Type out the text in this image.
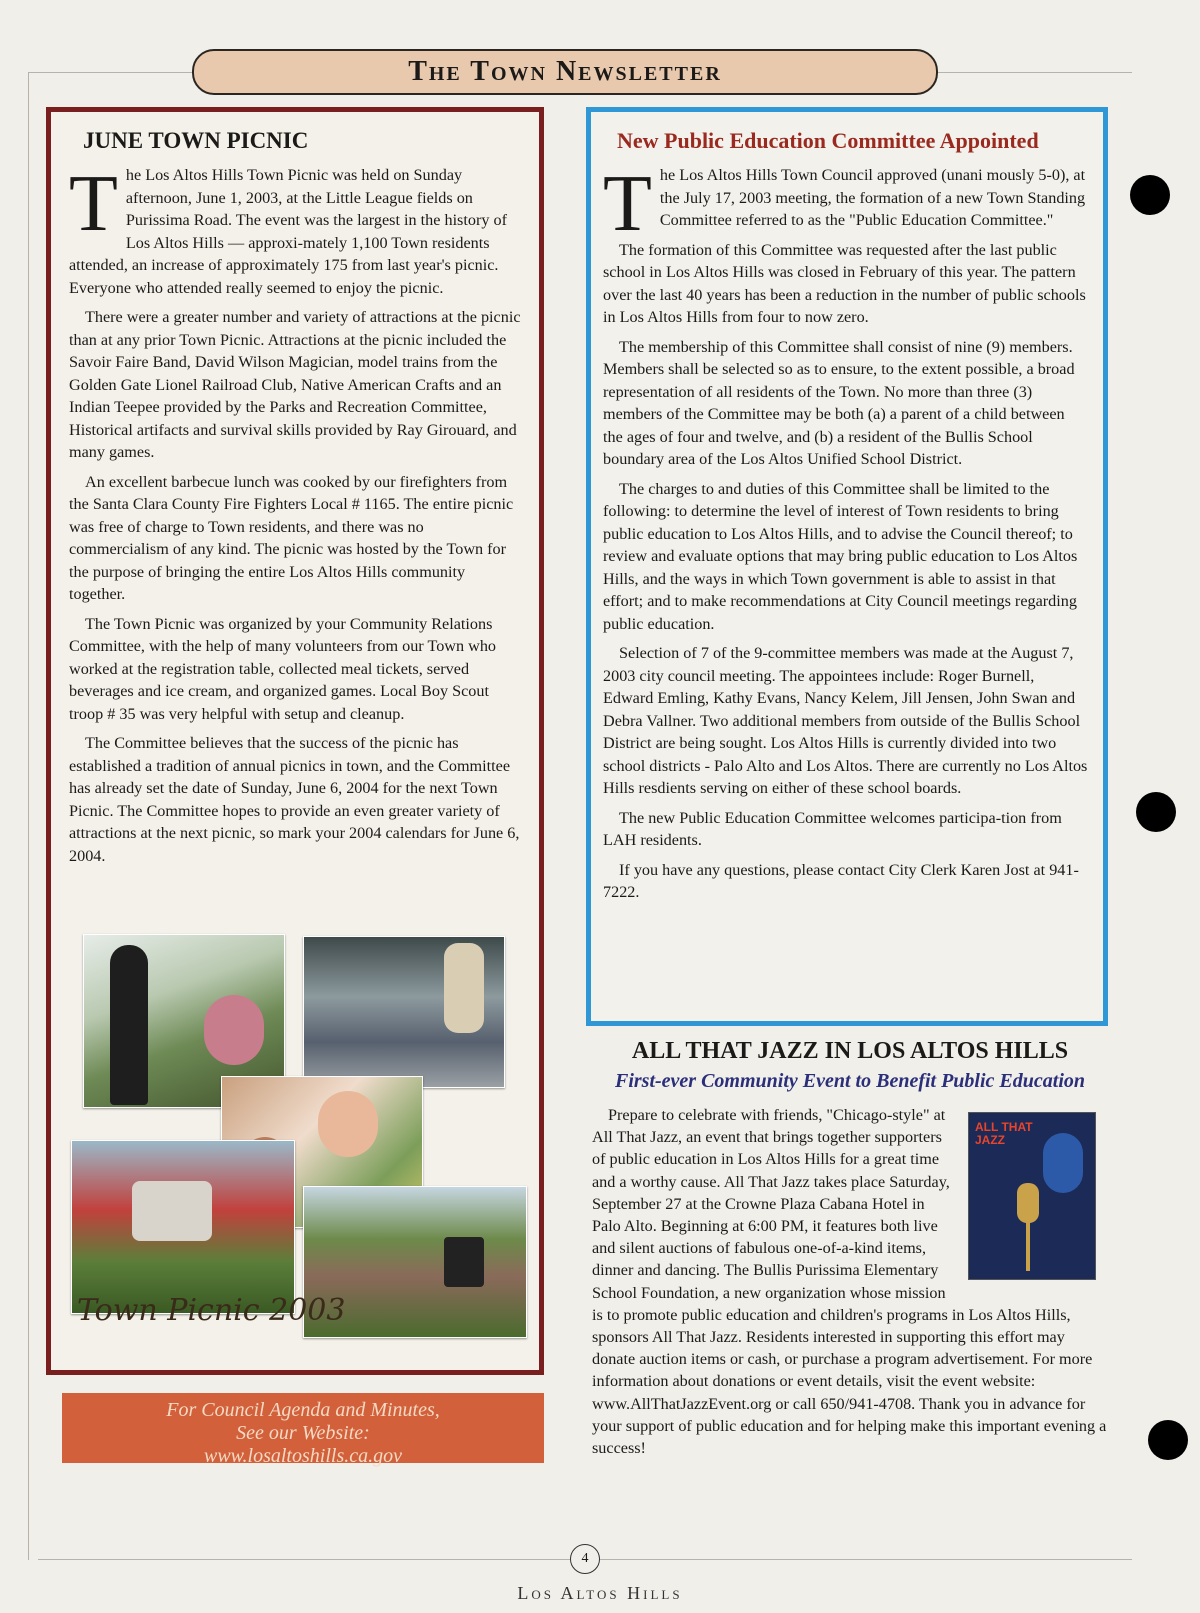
The Town Newsletter
JUNE TOWN PICNIC

The Los Altos Hills Town Picnic was held on Sunday afternoon, June 1, 2003, at the Little League fields on Purissima Road. The event was the largest in the history of Los Altos Hills — approxi-mately 1,100 Town residents attended, an increase of approximately 175 from last year's picnic. Everyone who attended really seemed to enjoy the picnic.

There were a greater number and variety of attractions at the picnic than at any prior Town Picnic. Attractions at the picnic included the Savoir Faire Band, David Wilson Magician, model trains from the Golden Gate Lionel Railroad Club, Native American Crafts and an Indian Teepee provided by the Parks and Recreation Committee, Historical artifacts and survival skills provided by Ray Girouard, and many games.

An excellent barbecue lunch was cooked by our firefighters from the Santa Clara County Fire Fighters Local # 1165. The entire picnic was free of charge to Town residents, and there was no commercialism of any kind. The picnic was hosted by the Town for the purpose of bringing the entire Los Altos Hills community together.

The Town Picnic was organized by your Community Relations Committee, with the help of many volunteers from our Town who worked at the registration table, collected meal tickets, served beverages and ice cream, and organized games. Local Boy Scout troop # 35 was very helpful with setup and cleanup.

The Committee believes that the success of the picnic has established a tradition of annual picnics in town, and the Committee has already set the date of Sunday, June 6, 2004 for the next Town Picnic. The Committee hopes to provide an even greater variety of attractions at the next picnic, so mark your 2004 calendars for June 6, 2004.

Town Picnic 2003
For Council Agenda and Minutes,
See our Website:
www.losaltoshills.ca.gov
New Public Education Committee Appointed

The Los Altos Hills Town Council approved (unani mously 5-0), at the July 17, 2003 meeting, the formation of a new Town Standing Committee referred to as the "Public Education Committee."

The formation of this Committee was requested after the last public school in Los Altos Hills was closed in February of this year. The pattern over the last 40 years has been a reduction in the number of public schools in Los Altos Hills from four to now zero.

The membership of this Committee shall consist of nine (9) members. Members shall be selected so as to ensure, to the extent possible, a broad representation of all residents of the Town. No more than three (3) members of the Committee may be both (a) a parent of a child between the ages of four and twelve, and (b) a resident of the Bullis School boundary area of the Los Altos Unified School District.

The charges to and duties of this Committee shall be limited to the following: to determine the level of interest of Town residents to bring public education to Los Altos Hills, and to advise the Council thereof; to review and evaluate options that may bring public education to Los Altos Hills, and the ways in which Town government is able to assist in that effort; and to make recommendations at City Council meetings regarding public education.

Selection of 7 of the 9-committee members was made at the August 7, 2003 city council meeting. The appointees include: Roger Burnell, Edward Emling, Kathy Evans, Nancy Kelem, Jill Jensen, John Swan and Debra Vallner. Two additional members from outside of the Bullis School District are being sought. Los Altos Hills is currently divided into two school districts - Palo Alto and Los Altos. There are currently no Los Altos Hills resdients serving on either of these school boards.

The new Public Education Committee welcomes participa-tion from LAH residents.

If you have any questions, please contact City Clerk Karen Jost at 941-7222.

ALL THAT JAZZ IN LOS ALTOS HILLS
First-ever Community Event to Benefit Public Education
ALL THAT JAZZ

Prepare to celebrate with friends, "Chicago-style" at All That Jazz, an event that brings together supporters of public education in Los Altos Hills for a great time and a worthy cause. All That Jazz takes place Saturday, September 27 at the Crowne Plaza Cabana Hotel in Palo Alto. Beginning at 6:00 PM, it features both live and silent auctions of fabulous one-of-a-kind items, dinner and dancing. The Bullis Purissima Elementary School Foundation, a new organization whose mission is to promote public education and children's programs in Los Altos Hills, sponsors All That Jazz. Residents interested in supporting this effort may donate auction items or cash, or purchase a program advertisement. For more information about donations or event details, visit the event website: www.AllThatJazzEvent.org or call 650/941-4708. Thank you in advance for your support of public education and for helping make this important evening a success!

4
Los Altos Hills
